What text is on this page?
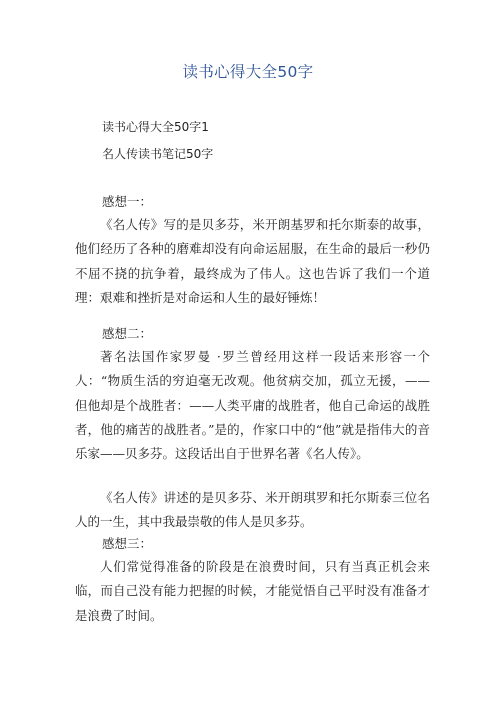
读书心得大全50字
读书心得大全50字1
名人传读书笔记50字
感想一：
《名人传》写的是贝多芬，米开朗基罗和托尔斯泰的故事，他们经历了各种的磨难却没有向命运屈服，在生命的最后一秒仍不屈不挠的抗争着，最终成为了伟人。这也告诉了我们一个道理：艰难和挫折是对命运和人生的最好锤炼！
感想二：
著名法国作家罗曼 ·罗兰曾经用这样一段话来形容一个人：“物质生活的穷迫毫无改观。他贫病交加，孤立无援，——但他却是个战胜者：——人类平庸的战胜者，他自己命运的战胜者，他的痛苦的战胜者。”是的，作家口中的“他”就是指伟大的音乐家——贝多芬。这段话出自于世界名著《名人传》。
《名人传》讲述的是贝多芬、米开朗琪罗和托尔斯泰三位名人的一生，其中我最崇敬的伟人是贝多芬。
感想三：
人们常觉得准备的阶段是在浪费时间，只有当真正机会来临，而自己没有能力把握的时候，才能觉悟自己平时没有准备才是浪费了时间。
